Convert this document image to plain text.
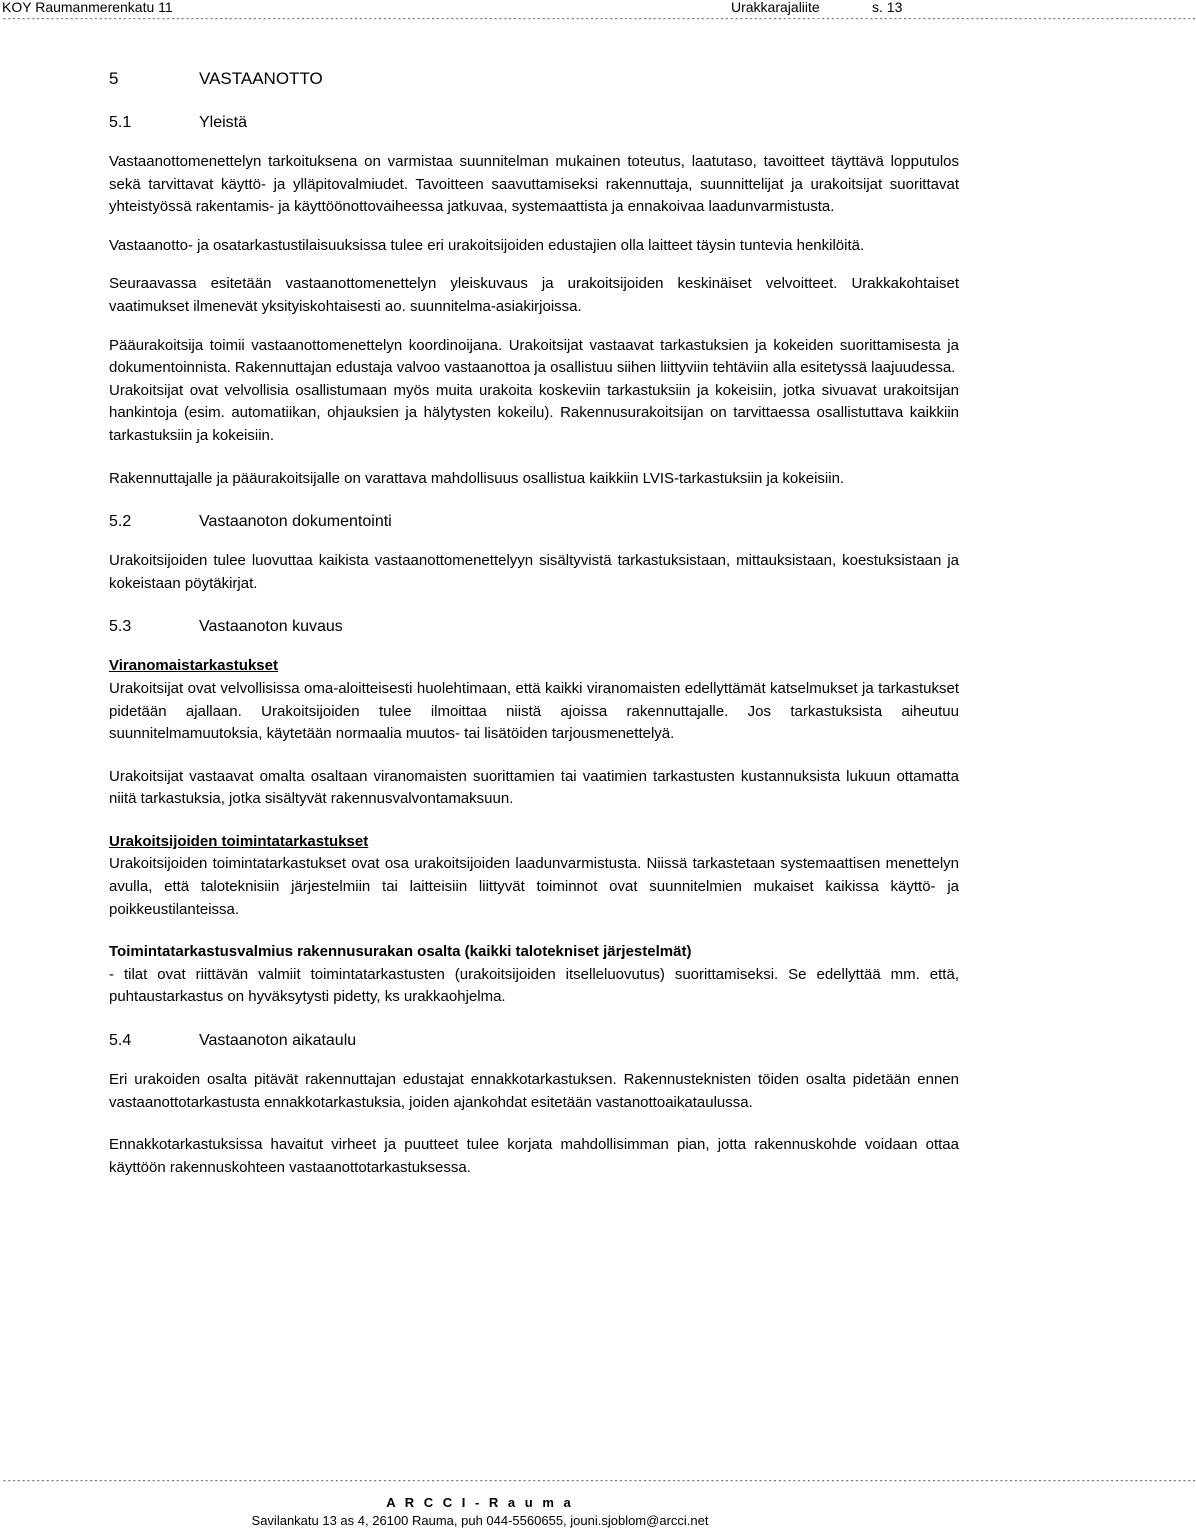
KOY Raumanmerenkatu 11	Urakkarajaliite	s. 13
--------------------------------------------------------------------------------------------------------------------------------------------------------------------------------------------------------------------------------------------------------

5	VASTAANOTTO

5.1	Yleistä

Vastaanottomenettelyn tarkoituksena on varmistaa suunnitelman mukainen toteutus, laatutaso, tavoitteet täyttävä lopputulos sekä tarvittavat käyttö- ja ylläpitovalmiudet. Tavoitteen saavuttamiseksi rakennuttaja, suunnittelijat ja urakoitsijat suorittavat yhteistyössä rakentamis- ja käyttöönottovaiheessa jatkuvaa, systemaattista ja ennakoivaa laadunvarmistusta.

Vastaanotto- ja osatarkastustilaisuuksissa tulee eri urakoitsijoiden edustajien olla laitteet täysin tuntevia henkilöitä.

Seuraavassa esitetään vastaanottomenettelyn yleiskuvaus ja urakoitsijoiden keskinäiset velvoitteet. Urakkakohtaiset vaatimukset ilmenevät yksityiskohtaisesti ao. suunnitelma-asiakirjoissa.

Pääurakoitsija toimii vastaanottomenettelyn koordinoijana. Urakoitsijat vastaavat tarkastuksien ja kokeiden suorittamisesta ja dokumentoinnista. Rakennuttajan edustaja valvoo vastaanottoa ja osallistuu siihen liittyviin tehtäviin alla esitetyssä laajuudessa.

Urakoitsijat ovat velvollisia osallistumaan myös muita urakoita koskeviin tarkastuksiin ja kokeisiin, jotka sivuavat urakoitsijan hankintoja (esim. automatiikan, ohjauksien ja hälytysten kokeilu). Rakennusurakoitsijan on tarvittaessa osallistuttava kaikkiin tarkastuksiin ja kokeisiin.

Rakennuttajalle ja pääurakoitsijalle on varattava mahdollisuus osallistua kaikkiin LVIS-tarkastuksiin ja kokeisiin.

5.2	Vastaanoton dokumentointi

Urakoitsijoiden tulee luovuttaa kaikista vastaanottomenettelyyn sisältyvistä tarkastuksistaan, mittauksistaan, koestuksistaan ja kokeistaan pöytäkirjat.

5.3	Vastaanoton kuvaus

Viranomaistarkastukset

Urakoitsijat ovat velvollisissa oma-aloitteisesti huolehtimaan, että kaikki viranomaisten edellyttämät katselmukset ja tarkastukset pidetään ajallaan. Urakoitsijoiden tulee ilmoittaa niistä ajoissa rakennuttajalle. Jos tarkastuksista aiheutuu suunnitelmamuutoksia, käytetään normaalia muutos- tai lisätöiden tarjousmenettelyä.

Urakoitsijat vastaavat omalta osaltaan viranomaisten suorittamien tai vaatimien tarkastusten kustannuksista lukuun ottamatta niitä tarkastuksia, jotka sisältyvät rakennusvalvontamaksuun.

Urakoitsijoiden toimintatarkastukset

Urakoitsijoiden toimintatarkastukset ovat osa urakoitsijoiden laadunvarmistusta. Niissä tarkastetaan systemaattisen menettelyn avulla, että taloteknisiin järjestelmiin tai laitteisiin liittyvät toiminnot ovat suunnitelmien mukaiset kaikissa käyttö- ja poikkeustilanteissa.

Toimintatarkastusvalmius rakennusurakan osalta (kaikki talotekniset järjestelmät)

- tilat ovat riittävän valmiit toimintatarkastusten (urakoitsijoiden itselleluovutus) suorittamiseksi. Se edellyttää mm. että, puhtaustarkastus on hyväksytysti pidetty, ks urakkaohjelma.

5.4	Vastaanoton aikataulu

Eri urakoiden osalta pitävät rakennuttajan edustajat ennakkotarkastuksen. Rakennusteknisten töiden osalta pidetään ennen vastaanottotarkastusta ennakkotarkastuksia, joiden ajankohdat esitetään vastanottoaikataulussa.

Ennakkotarkastuksissa havaitut virheet ja puutteet tulee korjata mahdollisimman pian, jotta rakennuskohde voidaan ottaa käyttöön rakennuskohteen vastaanottotarkastuksessa.

--------------------------------------------------------------------------------------------------------------------------------------------------------------------------------------------------------------------------------------------------------
A R C C I - R a u m a
Savilankatu 13 as 4, 26100 Rauma, puh 044-5560655, jouni.sjoblom@arcci.net
